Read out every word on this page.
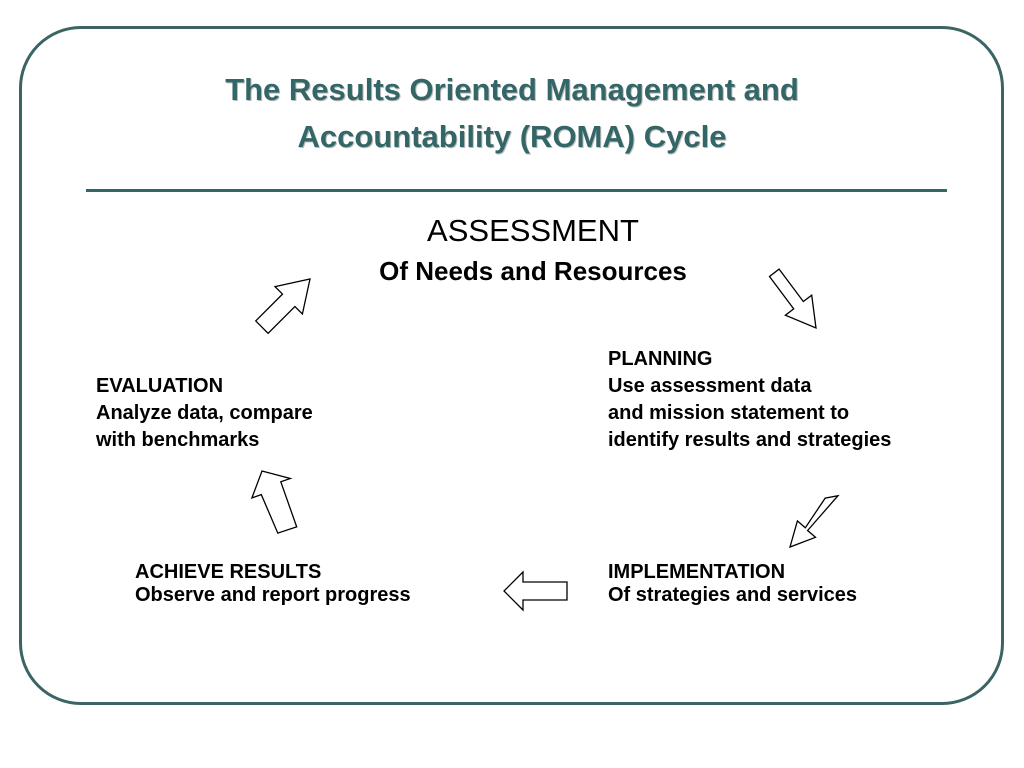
The Results Oriented Management and
Accountability (ROMA) Cycle
ASSESSMENT
Of Needs and Resources
PLANNING
Use assessment data
and mission statement to
identify results and strategies
EVALUATION
Analyze data, compare
with benchmarks
IMPLEMENTATION
Of strategies and services
ACHIEVE RESULTS
Observe and report progress
